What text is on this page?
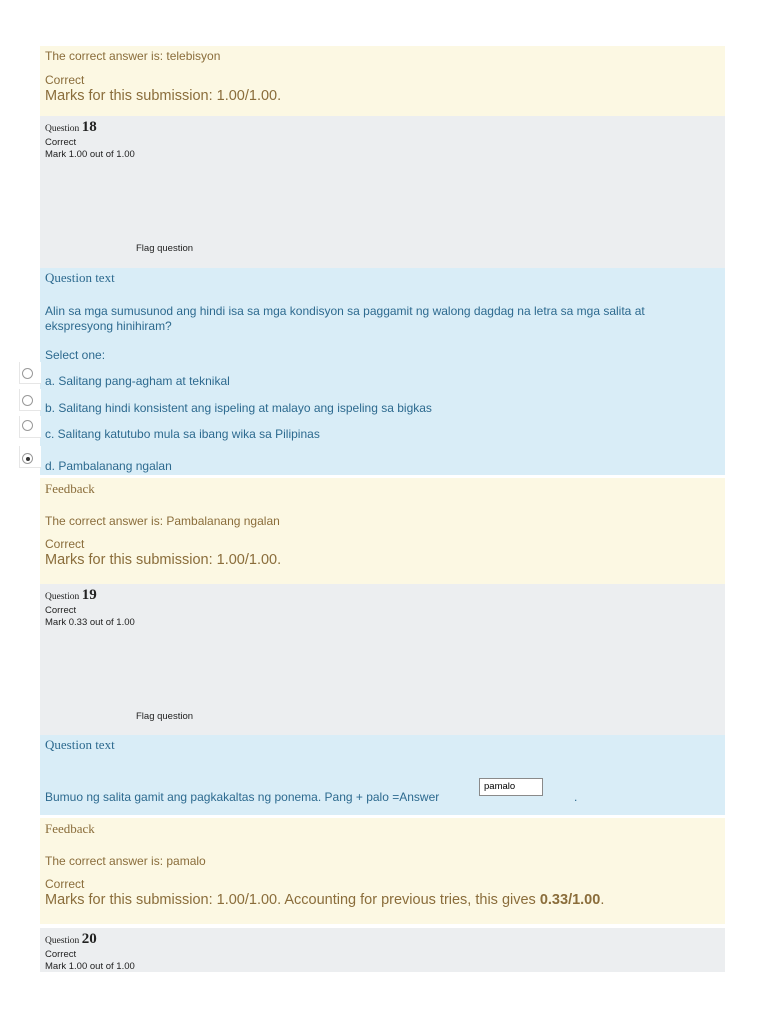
The correct answer is: telebisyon

Correct

Marks for this submission: 1.00/1.00.

Question 18
Correct
Mark 1.00 out of 1.00
Flag question
Question text
Alin sa mga sumusunod ang hindi isa sa mga kondisyon sa paggamit ng walong dagdag na letra sa mga salita at ekspresyong hinihiram?
Select one:
a. Salitang pang-agham at teknikal
b. Salitang hindi konsistent ang ispeling at malayo ang ispeling sa bigkas
c. Salitang katutubo mula sa ibang wika sa Pilipinas
d. Pambalanang ngalan
Feedback

The correct answer is: Pambalanang ngalan

Correct

Marks for this submission: 1.00/1.00.

Question 19
Correct
Mark 0.33 out of 1.00
Flag question
Question text
Bumuo ng salita gamit ang pagkakaltas ng ponema. Pang + palo =Answer
pamalo
.
Feedback

The correct answer is: pamalo

Correct

Marks for this submission: 1.00/1.00. Accounting for previous tries, this gives 0.33/1.00.

Question 20
Correct
Mark 1.00 out of 1.00
